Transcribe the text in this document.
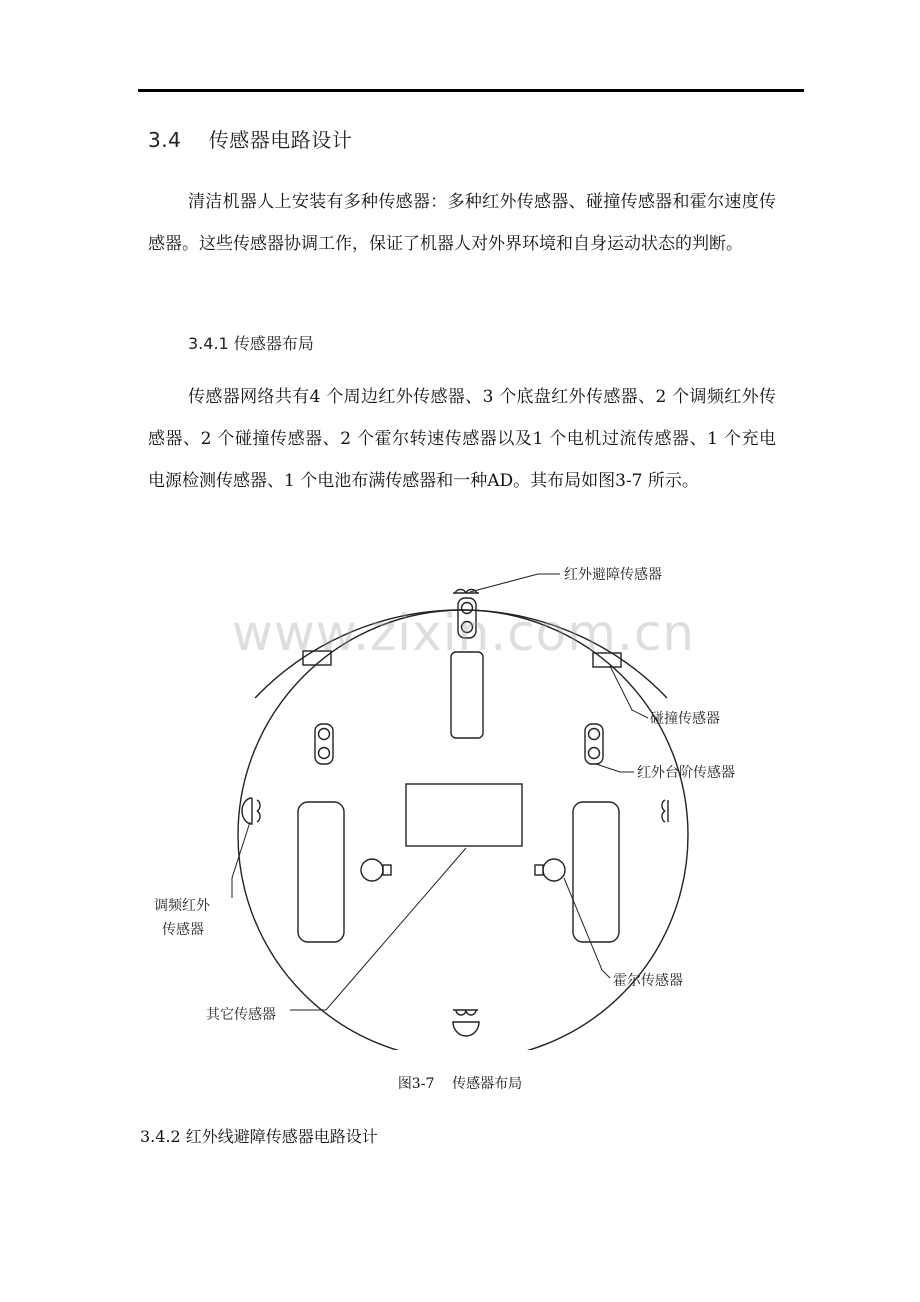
3.4 传感器电路设计

清洁机器人上安装有多种传感器：多种红外传感器、碰撞传感器和霍尔速度传 感器。这些传感器协调工作，保证了机器人对外界环境和自身运动状态的判断。

3.4.1 传感器布局

传感器网络共有4 个周边红外传感器、3 个底盘红外传感器、2 个调频红外传 感器、2 个碰撞传感器、2 个霍尔转速传感器以及1 个电机过流传感器、1 个充电 电源检测传感器、1 个电池布满传感器和一种AD。其布局如图3-7 所示。

红外避障传感器
碰撞传感器
红外台阶传感器
调频红外
传感器
霍尔传感器
其它传感器
www.zixin.com.cn
图3-7    传感器布局
3.4.2 红外线避障传感器电路设计
